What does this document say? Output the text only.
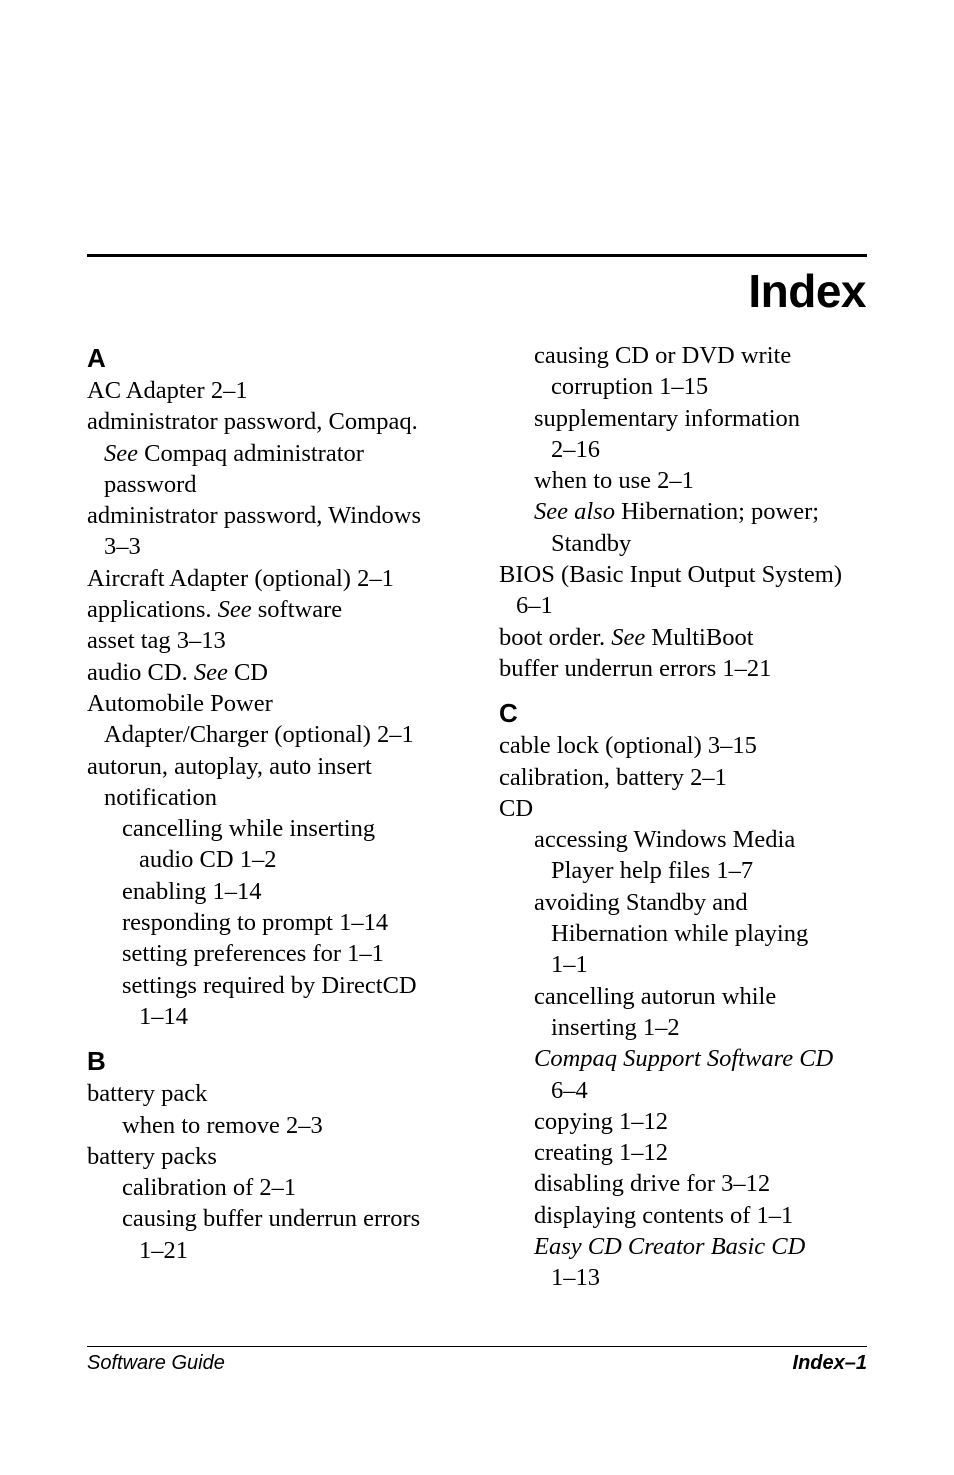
Index
A
AC Adapter 2–1
administrator password, Compaq.
See Compaq administrator
password
administrator password, Windows
3–3
Aircraft Adapter (optional) 2–1
applications. See software
asset tag 3–13
audio CD. See CD
Automobile Power
Adapter/Charger (optional) 2–1
autorun, autoplay, auto insert
notification
cancelling while inserting
audio CD 1–2
enabling 1–14
responding to prompt 1–14
setting preferences for 1–1
settings required by DirectCD
1–14
B
battery pack
when to remove 2–3
battery packs
calibration of 2–1
causing buffer underrun errors
1–21
causing CD or DVD write
corruption 1–15
supplementary information
2–16
when to use 2–1
See also Hibernation; power;
Standby
BIOS (Basic Input Output System)
6–1
boot order. See MultiBoot
buffer underrun errors 1–21
C
cable lock (optional) 3–15
calibration, battery 2–1
CD
accessing Windows Media
Player help files 1–7
avoiding Standby and
Hibernation while playing
1–1
cancelling autorun while
inserting 1–2
Compaq Support Software CD
6–4
copying 1–12
creating 1–12
disabling drive for 3–12
displaying contents of 1–1
Easy CD Creator Basic CD
1–13
Software Guide	Index–1
